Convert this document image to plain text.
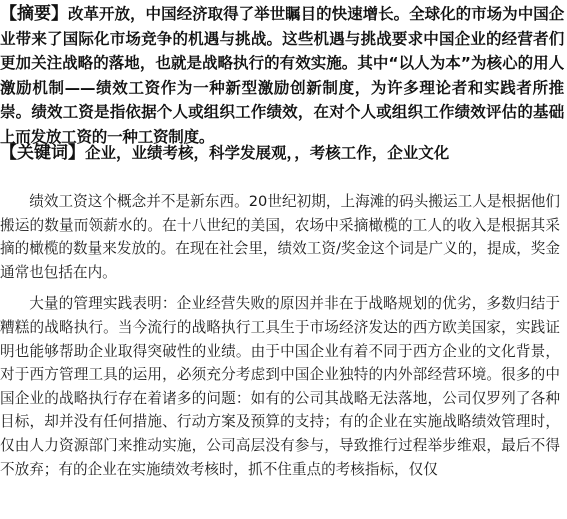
【摘要】改革开放，中国经济取得了举世瞩目的快速增长。全球化的市场为中国企业带来了国际化市场竞争的机遇与挑战。这些机遇与挑战要求中国企业的经营者们更加关注战略的落地，也就是战略执行的有效实施。其中“以人为本”为核心的用人激励机制——绩效工资作为一种新型激励创新制度，为许多理论者和实践者所推崇。绩效工资是指依据个人或组织工作绩效，在对个人或组织工作绩效评估的基础上而发放工资的一种工资制度。
【关键词】企业，业绩考核，科学发展观，，考核工作，企业文化

绩效工资这个概念并不是新东西。20世纪初期，上海滩的码头搬运工人是根据他们搬运的数量而领薪水的。在十八世纪的美国，农场中采摘橄榄的工人的收入是根据其采摘的橄榄的数量来发放的。在现在社会里，绩效工资/奖金这个词是广义的，提成，奖金通常也包括在内。

大量的管理实践表明：企业经营失败的原因并非在于战略规划的优劣，多数归结于糟糕的战略执行。当今流行的战略执行工具生于市场经济发达的西方欧美国家，实践证明也能够帮助企业取得突破性的业绩。由于中国企业有着不同于西方企业的文化背景，对于西方管理工具的运用，必须充分考虑到中国企业独特的内外部经营环境。很多的中国企业的战略执行存在着诸多的问题：如有的公司其战略无法落地，公司仅罗列了各种目标，却并没有任何措施、行动方案及预算的支持；有的企业在实施战略绩效管理时，仅由人力资源部门来推动实施，公司高层没有参与，导致推行过程举步维艰，最后不得不放弃；有的企业在实施绩效考核时，抓不住重点的考核指标，仅仅
